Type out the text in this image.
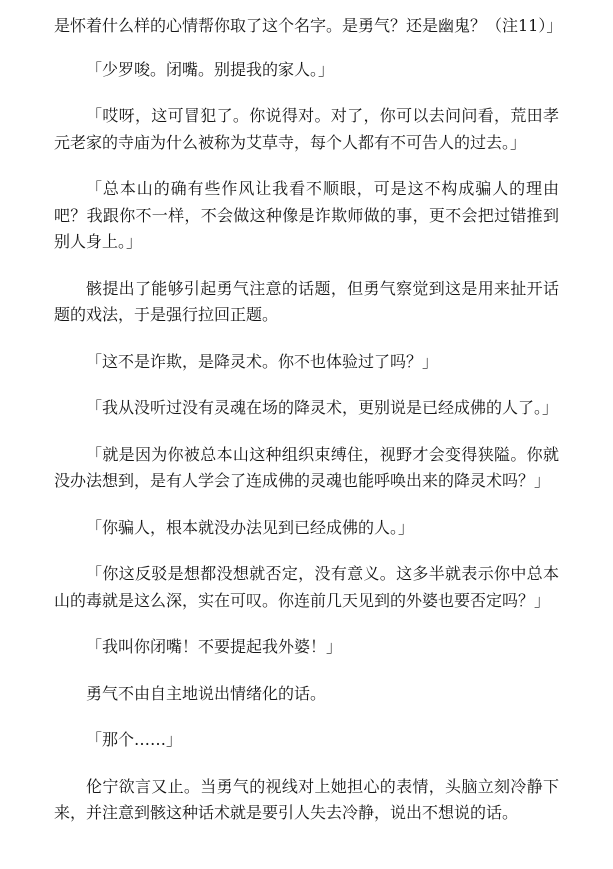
是怀着什么样的心情帮你取了这个名字。是勇气？还是幽鬼？（注11）」

「少罗唆。闭嘴。别提我的家人。」

「哎呀，这可冒犯了。你说得对。对了，你可以去问问看，荒田孝元老家的寺庙为什么被称为艾草寺，每个人都有不可告人的过去。」

「总本山的确有些作风让我看不顺眼，可是这不构成骗人的理由吧？我跟你不一样，不会做这种像是诈欺师做的事，更不会把过错推到别人身上。」

骸提出了能够引起勇气注意的话题，但勇气察觉到这是用来扯开话题的戏法，于是强行拉回正题。

「这不是诈欺，是降灵术。你不也体验过了吗？」

「我从没听过没有灵魂在场的降灵术，更别说是已经成佛的人了。」

「就是因为你被总本山这种组织束缚住，视野才会变得狭隘。你就没办法想到，是有人学会了连成佛的灵魂也能呼唤出来的降灵术吗？」

「你骗人，根本就没办法见到已经成佛的人。」

「你这反驳是想都没想就否定，没有意义。这多半就表示你中总本山的毒就是这么深，实在可叹。你连前几天见到的外婆也要否定吗？」

「我叫你闭嘴！不要提起我外婆！」

勇气不由自主地说出情绪化的话。

「那个……」

伦宁欲言又止。当勇气的视线对上她担心的表情，头脑立刻冷静下来，并注意到骸这种话术就是要引人失去冷静，说出不想说的话。
